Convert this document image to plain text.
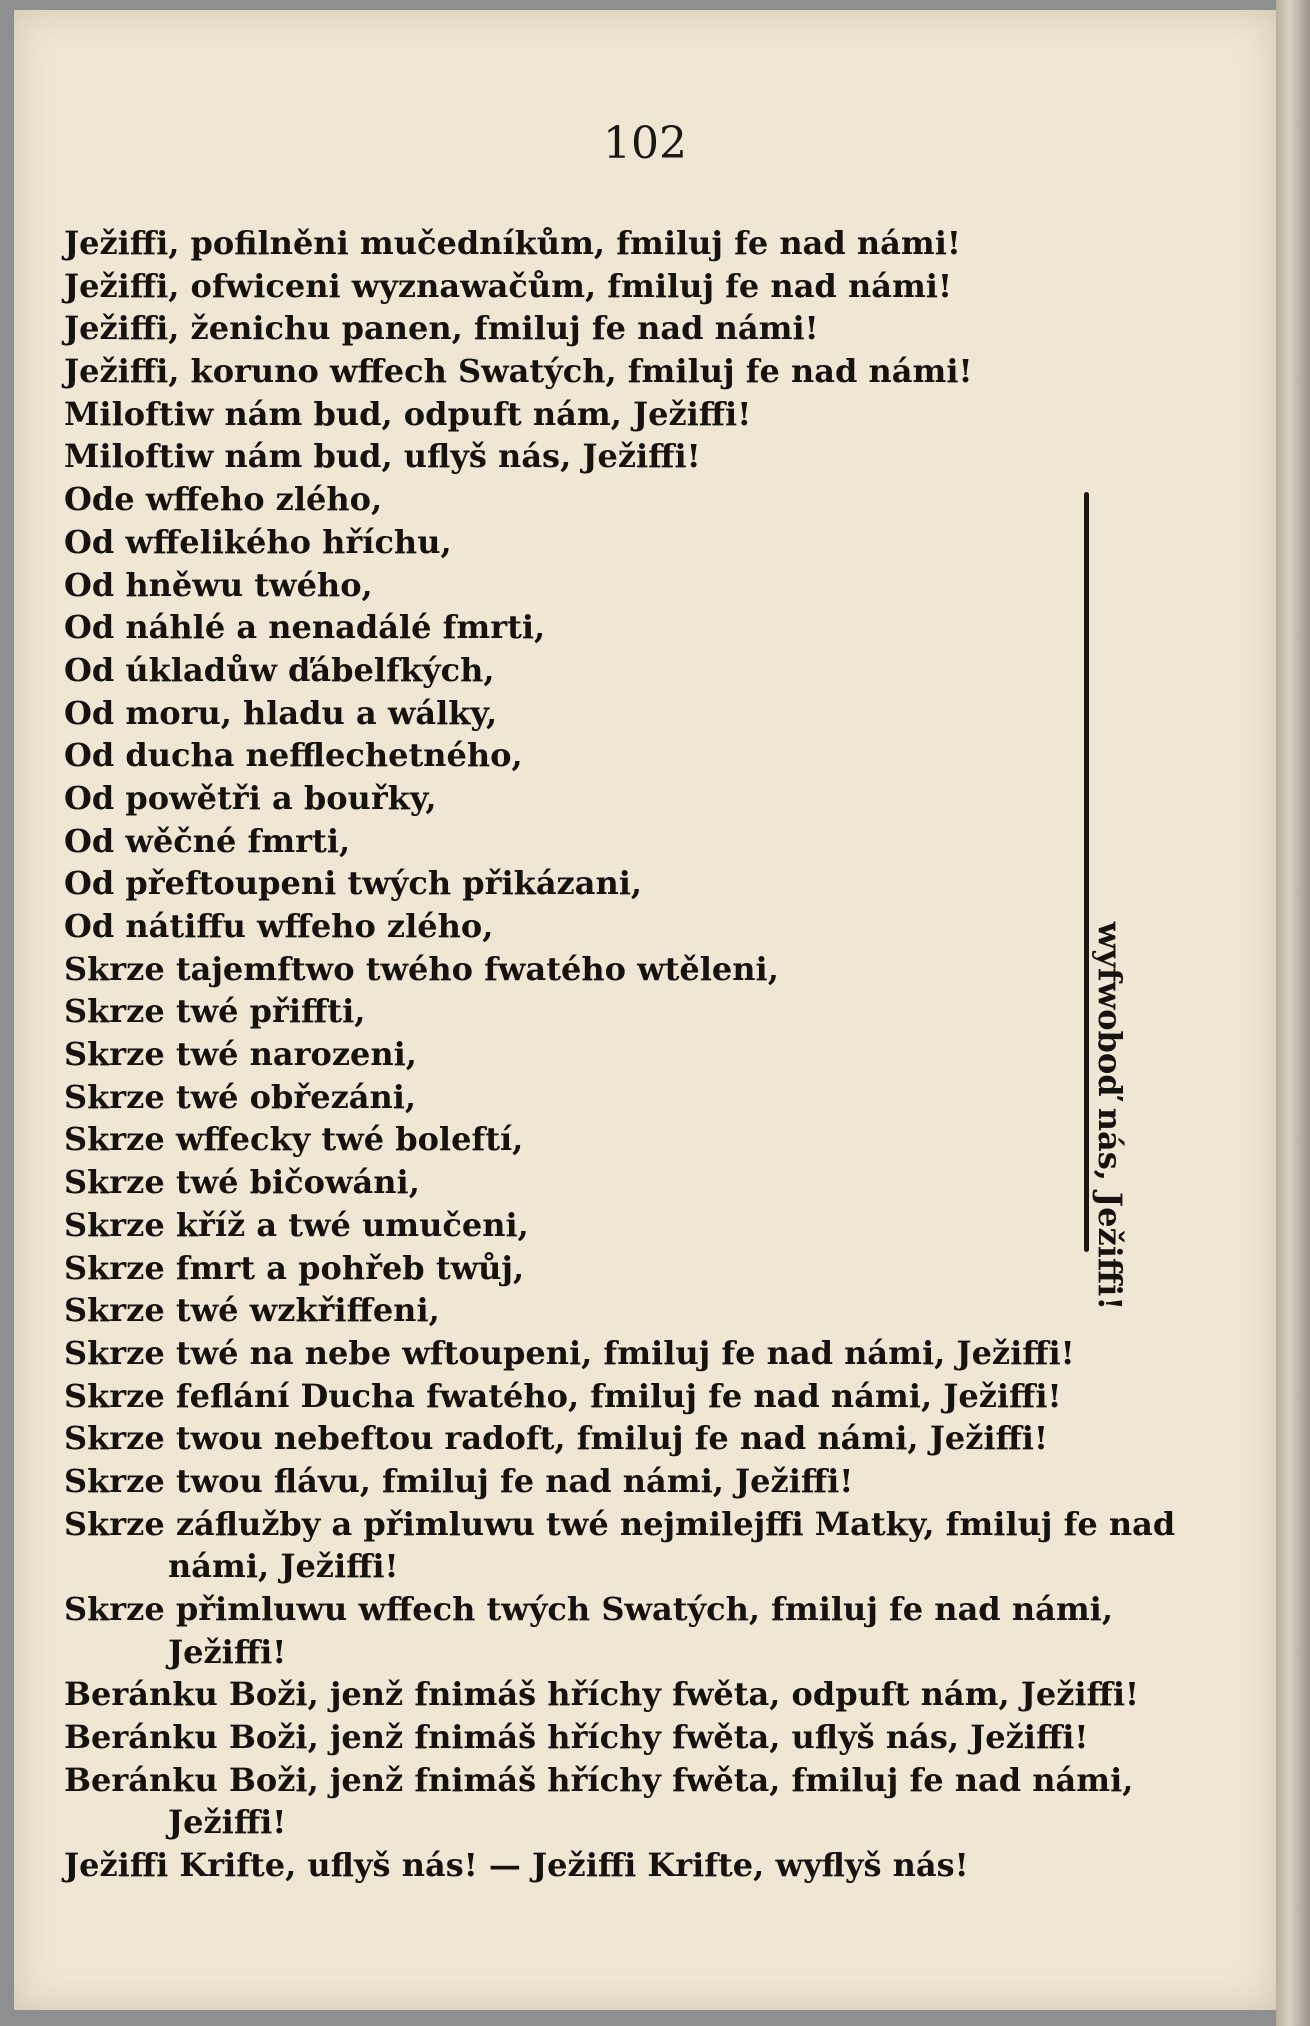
102
Ježiffi, pofilněni mučedníkům, fmiluj fe nad námi!
Ježiffi, ofwiceni wyznawačům, fmiluj fe nad námi!
Ježiffi, ženichu panen, fmiluj fe nad námi!
Ježiffi, koruno wffech Swatých, fmiluj fe nad námi!
Miloftiw nám bud, odpuft nám, Ježiffi!
Miloftiw nám bud, uflyš nás, Ježiffi!
Ode wffeho zlého,
Od wffelikého hříchu,
Od hněwu twého,
Od náhlé a nenadálé fmrti,
Od úkladůw ďábelfkých,
Od moru, hladu a wálky,
Od ducha nefflechetného,
Od powětři a bouřky,
Od wěčné fmrti,
Od přeftoupeni twých přikázani,
Od nátiffu wffeho zlého,
Skrze tajemftwo twého fwatého wtěleni,
Skrze twé přiffti,
Skrze twé narozeni,
Skrze twé obřezáni,
Skrze wffecky twé boleftí,
Skrze twé bičowáni,
Skrze kříž a twé umučeni,
Skrze fmrt a pohřeb twůj,
Skrze twé wzkřiffeni,
Skrze twé na nebe wftoupeni, fmiluj fe nad námi, Ježiffi!
Skrze feflání Ducha fwatého, fmiluj fe nad námi, Ježiffi!
Skrze twou nebeftou radoft, fmiluj fe nad námi, Ježiffi!
Skrze twou flávu, fmiluj fe nad námi, Ježiffi!
Skrze záflužby a přimluwu twé nejmilejffi Matky, fmiluj fe nad
námi, Ježiffi!
Skrze přimluwu wffech twých Swatých, fmiluj fe nad námi,
Ježiffi!
Beránku Boži, jenž fnimáš hříchy fwěta, odpuft nám, Ježiffi!
Beránku Boži, jenž fnimáš hříchy fwěta, uflyš nás, Ježiffi!
Beránku Boži, jenž fnimáš hříchy fwěta, fmiluj fe nad námi,
Ježiffi!
Ježiffi Krifte, uflyš nás! — Ježiffi Krifte, wyflyš nás!
wyfwoboď nás, Ježiffi!
